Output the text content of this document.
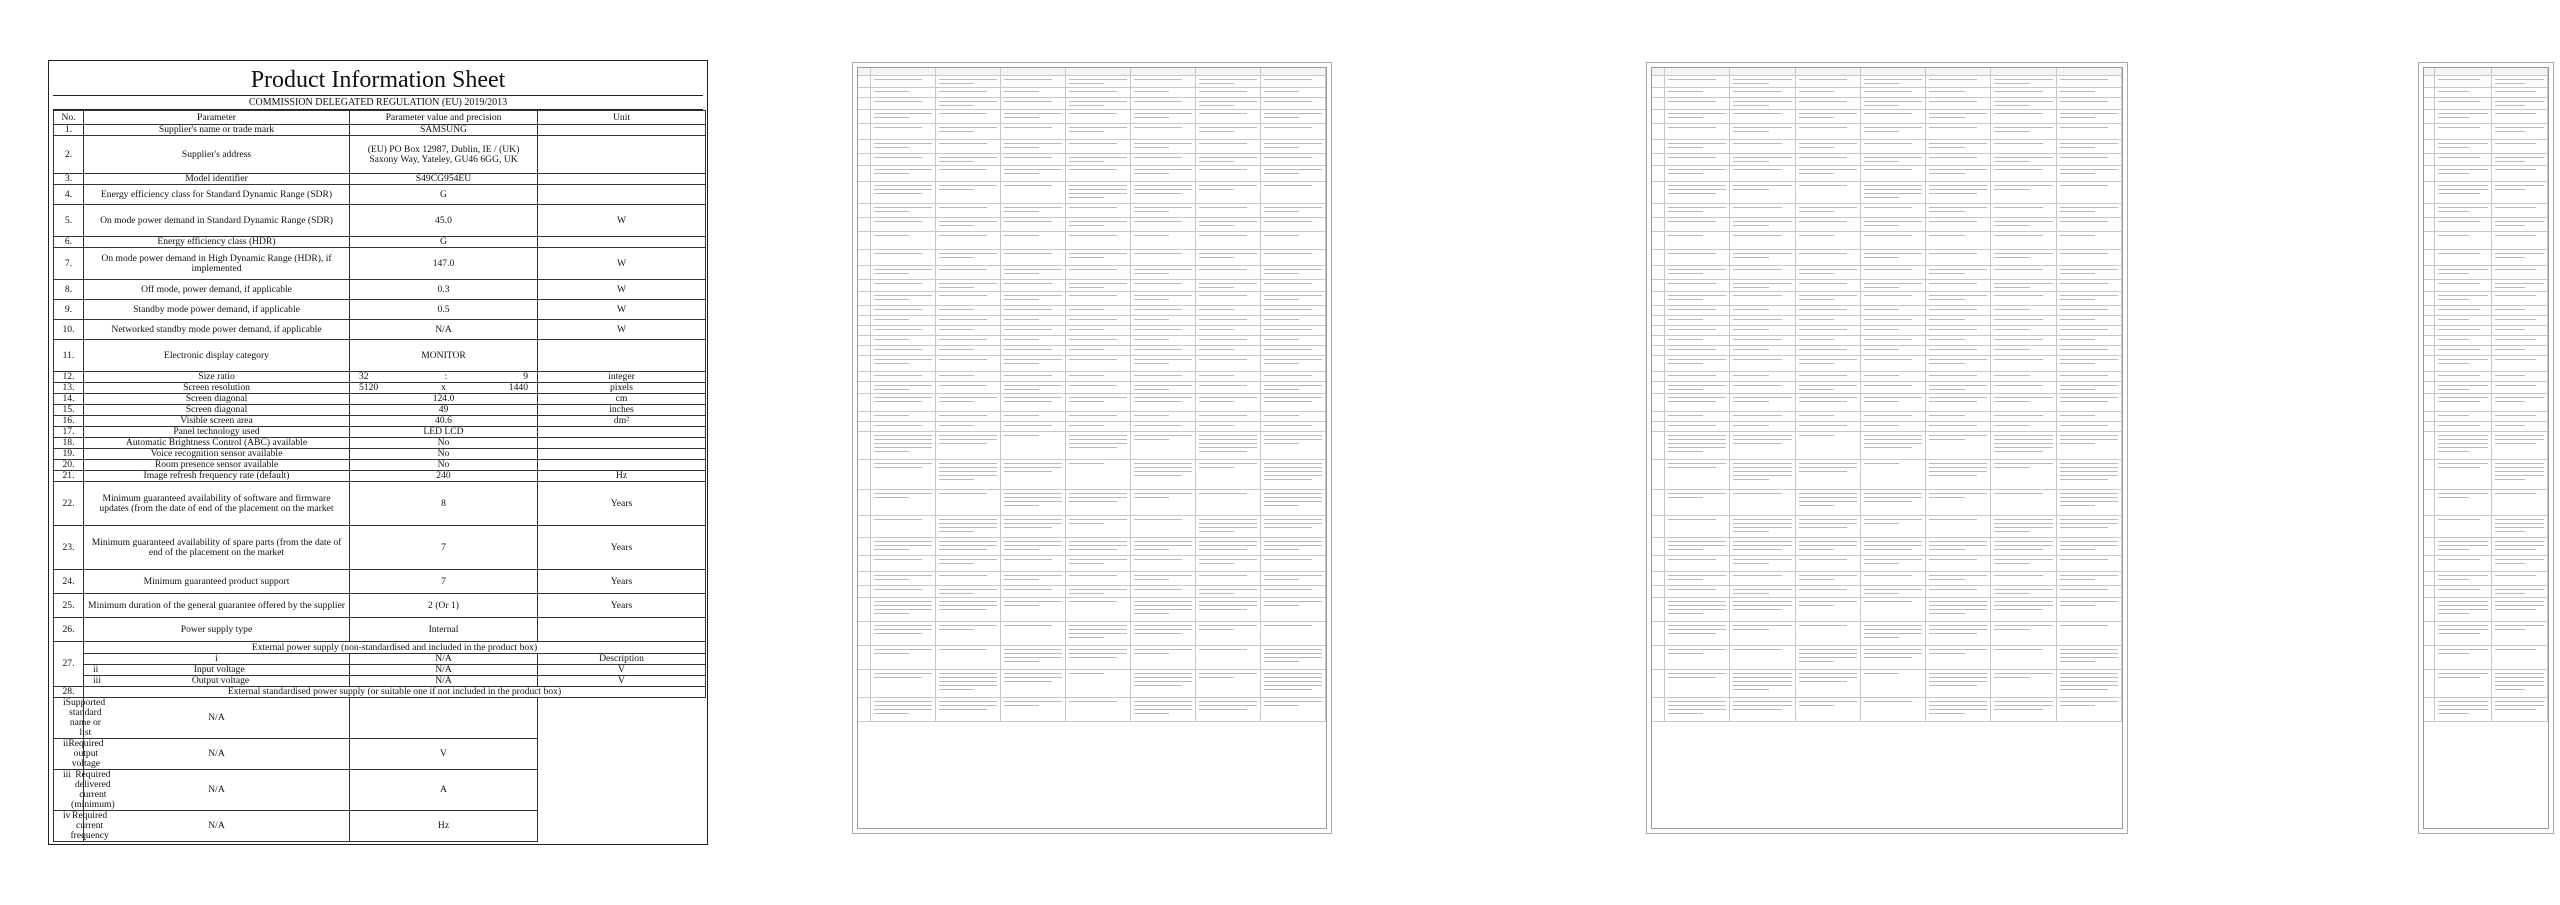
Product Information Sheet
COMMISSION DELEGATED REGULATION (EU) 2019/2013
No.	Parameter	Parameter value and precision	Unit
1.	Supplier's name or trade mark	SAMSUNG	
2.	Supplier's address	(EU) PO Box 12987, Dublin, IE / (UK) Saxony Way, Yateley, GU46 6GG, UK	
3.	Model identifier	S49CG954EU	
4.	Energy efficiency class for Standard Dynamic Range (SDR)	G	
5.	On mode power demand in Standard Dynamic Range (SDR)	45.0	W
6.	Energy efficiency class (HDR)	G	
7.	On mode power demand in High Dynamic Range (HDR), if implemented	147.0	W
8.	Off mode, power demand, if applicable	0.3	W
9.	Standby mode power demand, if applicable	0.5	W
10.	Networked standby mode power demand, if applicable	N/A	W
11.	Electronic display category	MONITOR	
12.	Size ratio	32 : 9	integer
13.	Screen resolution	5120 x 1440	pixels
14.	Screen diagonal	124.0	cm
15.	Screen diagonal	49	inches
16.	Visible screen area	40.6	dm²
17.	Panel technology used	LED LCD	
18.	Automatic Brightness Control (ABC) available	No	
19.	Voice recognition sensor available	No	
20.	Room presence sensor available	No	
21.	Image refresh frequency rate (default)	240	Hz
22.	Minimum guaranteed availability of software and firmware updates (from the date of end of the placement on the market	8	Years
23.	Minimum guaranteed availability of spare parts (from the date of end of the placement on the market	7	Years
24.	Minimum guaranteed product support	7	Years
25.	Minimum duration of the general guarantee offered by the supplier	2 (Or 1)	Years
26.	Power supply type	Internal	
27.	External power supply (non-standardised and included in the product box)		
	i	N/A	Description

	ii Input voltage	N/A	V

	iii Output voltage	N/A	V
28.	External standardised power supply (or suitable one if not included in the product box)		

i Supported standard name or list	N/A		

ii Required output voltage	N/A	V	

iii Required delivered current (minimum)	N/A	A	

iv Required current frequency	N/A	Hz	
